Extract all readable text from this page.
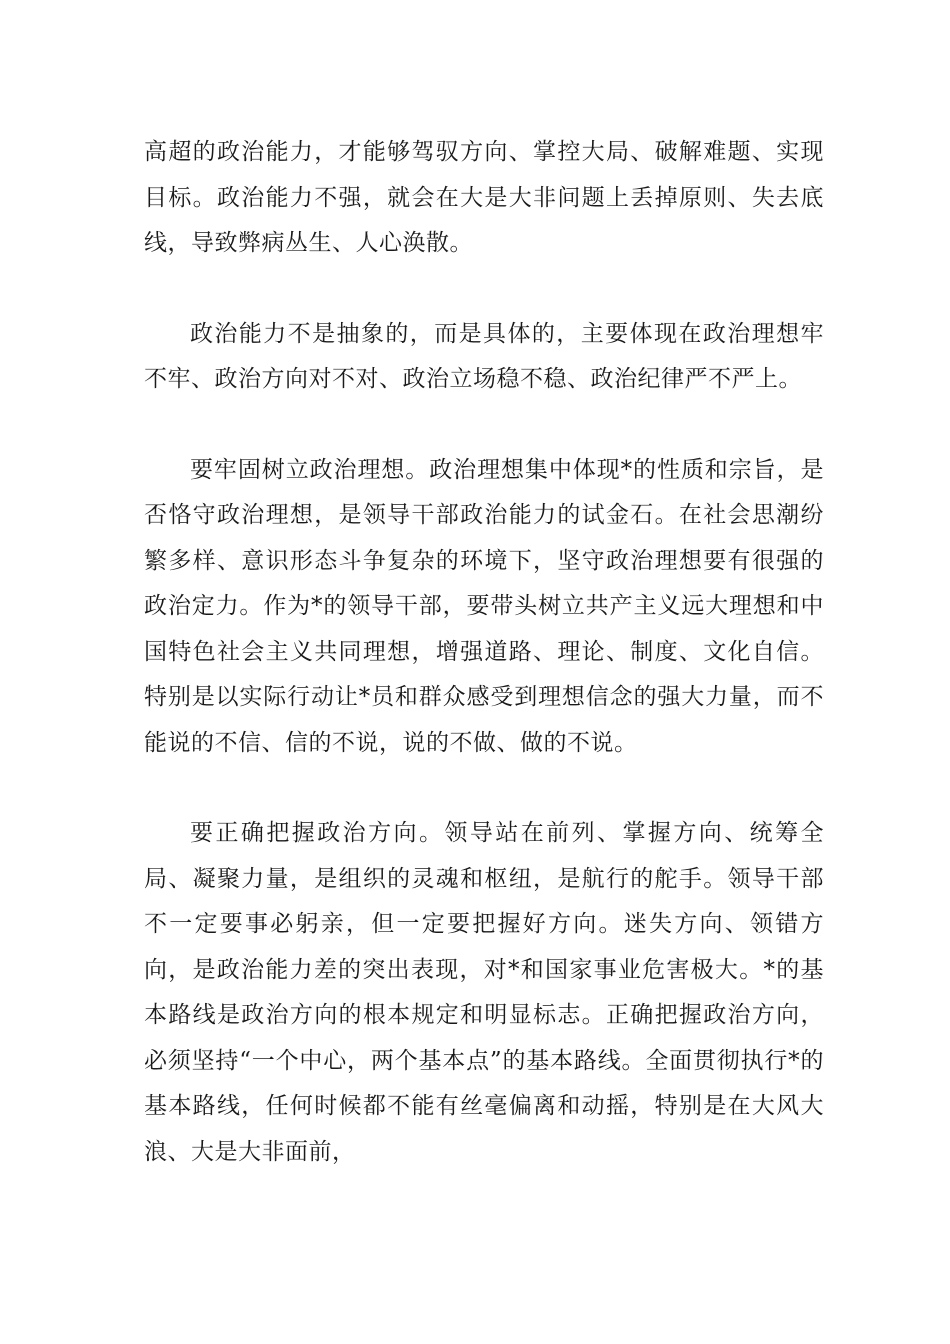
高超的政治能力，才能够驾驭方向、掌控大局、破解难题、实现目标。政治能力不强，就会在大是大非问题上丢掉原则、失去底线，导致弊病丛生、人心涣散。

政治能力不是抽象的，而是具体的，主要体现在政治理想牢不牢、政治方向对不对、政治立场稳不稳、政治纪律严不严上。

要牢固树立政治理想。政治理想集中体现*的性质和宗旨，是否恪守政治理想，是领导干部政治能力的试金石。在社会思潮纷繁多样、意识形态斗争复杂的环境下，坚守政治理想要有很强的政治定力。作为*的领导干部，要带头树立共产主义远大理想和中国特色社会主义共同理想，增强道路、理论、制度、文化自信。特别是以实际行动让*员和群众感受到理想信念的强大力量，而不能说的不信、信的不说，说的不做、做的不说。

要正确把握政治方向。领导站在前列、掌握方向、统筹全局、凝聚力量，是组织的灵魂和枢纽，是航行的舵手。领导干部不一定要事必躬亲，但一定要把握好方向。迷失方向、领错方向，是政治能力差的突出表现，对*和国家事业危害极大。*的基本路线是政治方向的根本规定和明显标志。正确把握政治方向，必须坚持“一个中心，两个基本点”的基本路线。全面贯彻执行*的基本路线，任何时候都不能有丝毫偏离和动摇，特别是在大风大浪、大是大非面前，
